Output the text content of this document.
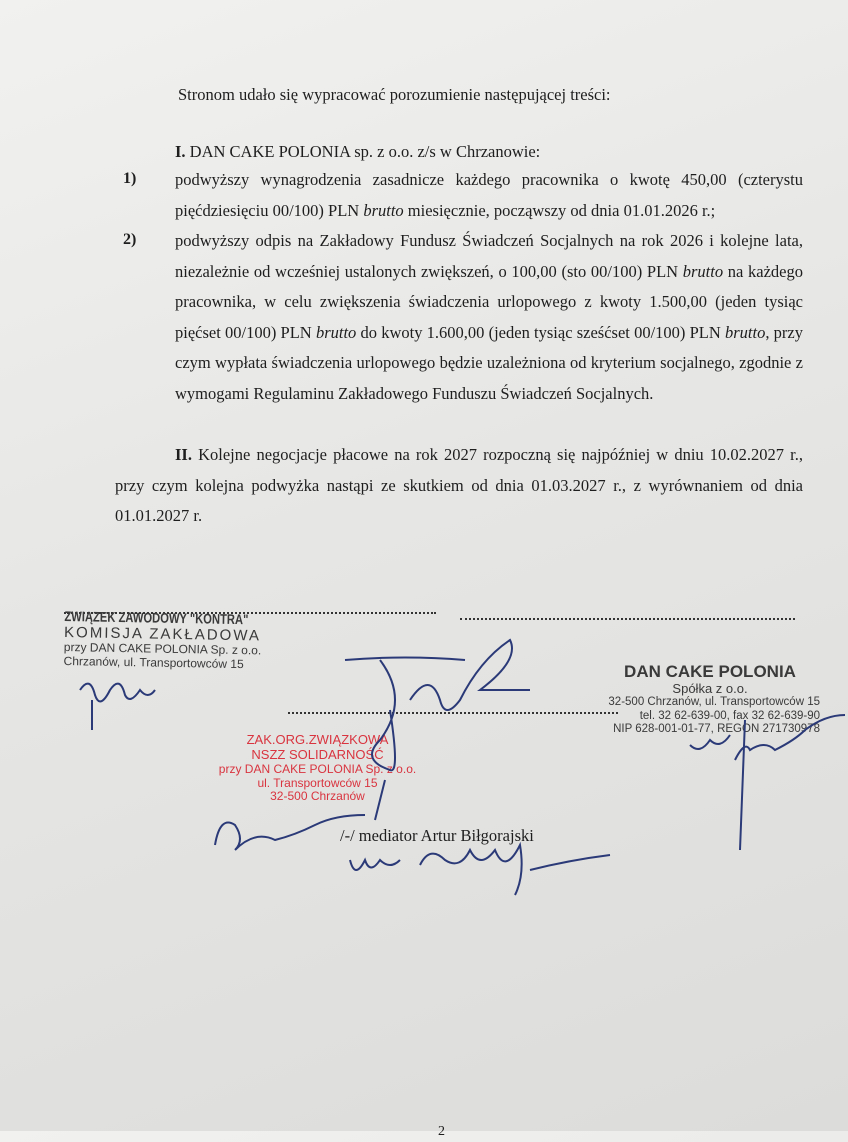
Stronom udało się wypracować porozumienie następującej treści:
I. DAN CAKE POLONIA sp. z o.o. z/s w Chrzanowie:
1) podwyższy wynagrodzenia zasadnicze każdego pracownika o kwotę 450,00 (czterystu pięćdziesięciu 00/100) PLN brutto miesięcznie, począwszy od dnia 01.01.2026 r.;
2) podwyższy odpis na Zakładowy Fundusz Świadczeń Socjalnych na rok 2026 i kolejne lata, niezależnie od wcześniej ustalonych zwiększeń, o 100,00 (sto 00/100) PLN brutto na każdego pracownika, w celu zwiększenia świadczenia urlopowego z kwoty 1.500,00 (jeden tysiąc pięćset 00/100) PLN brutto do kwoty 1.600,00 (jeden tysiąc sześćset 00/100) PLN brutto, przy czym wypłata świadczenia urlopowego będzie uzależniona od kryterium socjalnego, zgodnie z wymogami Regulaminu Zakładowego Funduszu Świadczeń Socjalnych.
II. Kolejne negocjacje płacowe na rok 2027 rozpoczną się najpóźniej w dniu 10.02.2027 r., przy czym kolejna podwyżka nastąpi ze skutkiem od dnia 01.03.2027 r., z wyrównaniem od dnia 01.01.2027 r.
ZWIĄZEK ZAWODOWY "KONTRA"
KOMISJA ZAKŁADOWA
przy DAN CAKE POLONIA Sp. z o.o.
Chrzanów, ul. Transportowców 15
ZAK.ORG.ZWIĄZKOWA
NSZZ SOLIDARNOŚĆ
przy DAN CAKE POLONIA Sp. z o.o.
ul. Transportowców 15
32-500 Chrzanów
DAN CAKE POLONIA
Spółka z o.o.
32-500 Chrzanów, ul. Transportowców 15
tel. 32 62-639-00, fax 32 62-639-90
NIP 628-001-01-77, REGON 271730978
/-/ mediator Artur Biłgorajski
2
